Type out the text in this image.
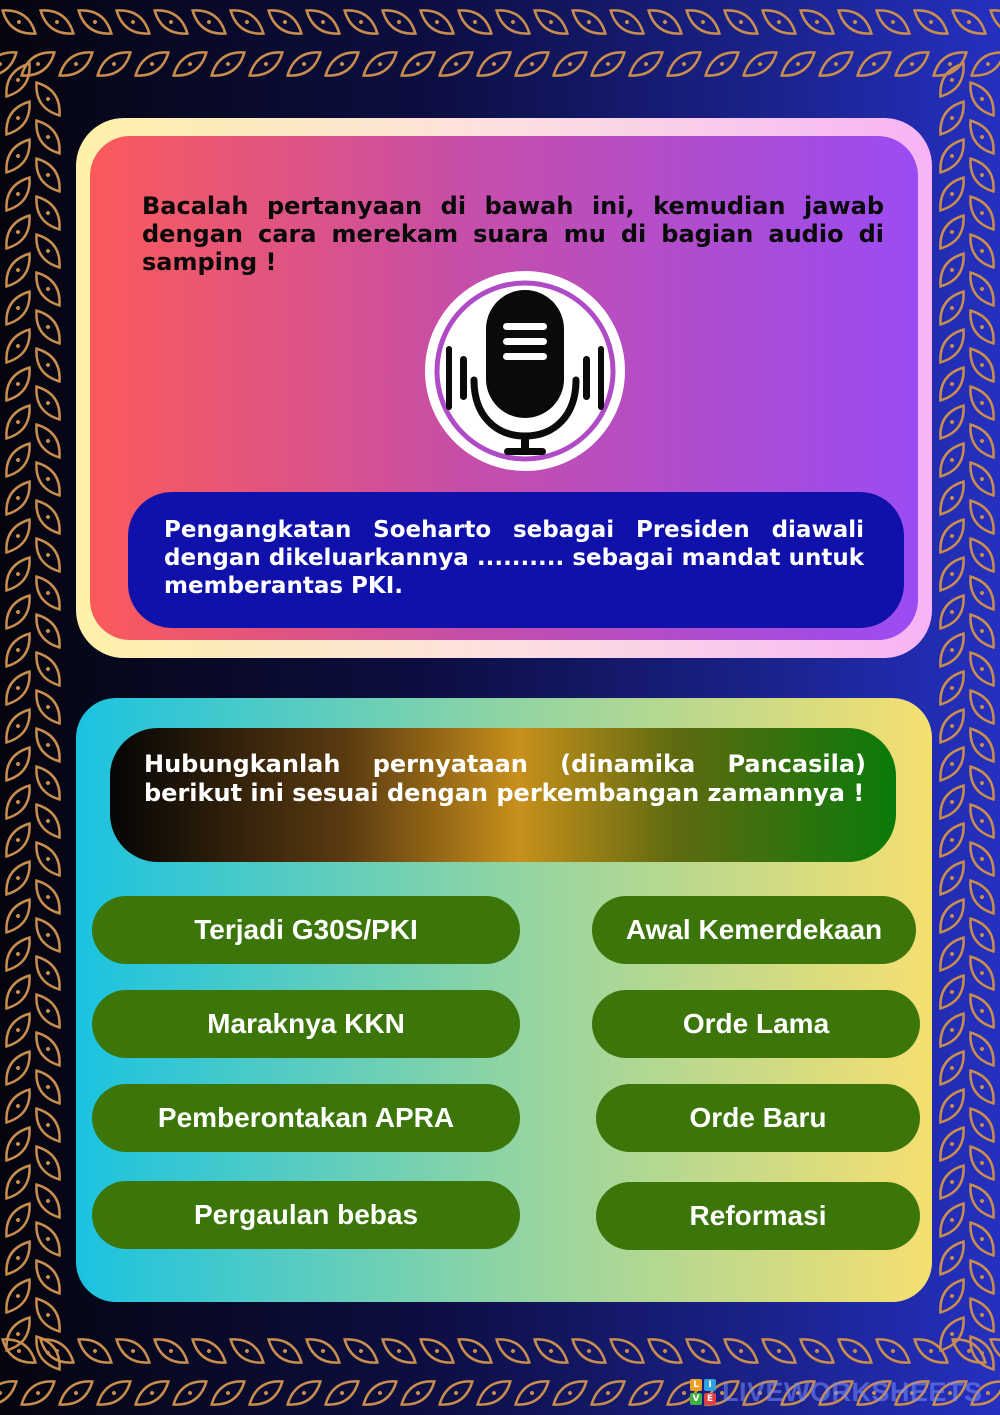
Bacalah pertanyaan di bawah ini, kemudian jawab dengan cara merekam suara mu di bagian audio di samping !

Pengangkatan Soeharto sebagai Presiden diawali dengan dikeluarkannya .......... sebagai mandat untuk memberantas PKI.

Hubungkanlah pernyataan (dinamika Pancasila) berikut ini sesuai dengan perkembangan zamannya !

Terjadi G30S/PKI
Maraknya KKN
Pemberontakan APRA
Pergaulan bebas
Awal Kemerdekaan
Orde Lama
Orde Baru
Reformasi
L	I
V E LIVEWORKSHEETS
